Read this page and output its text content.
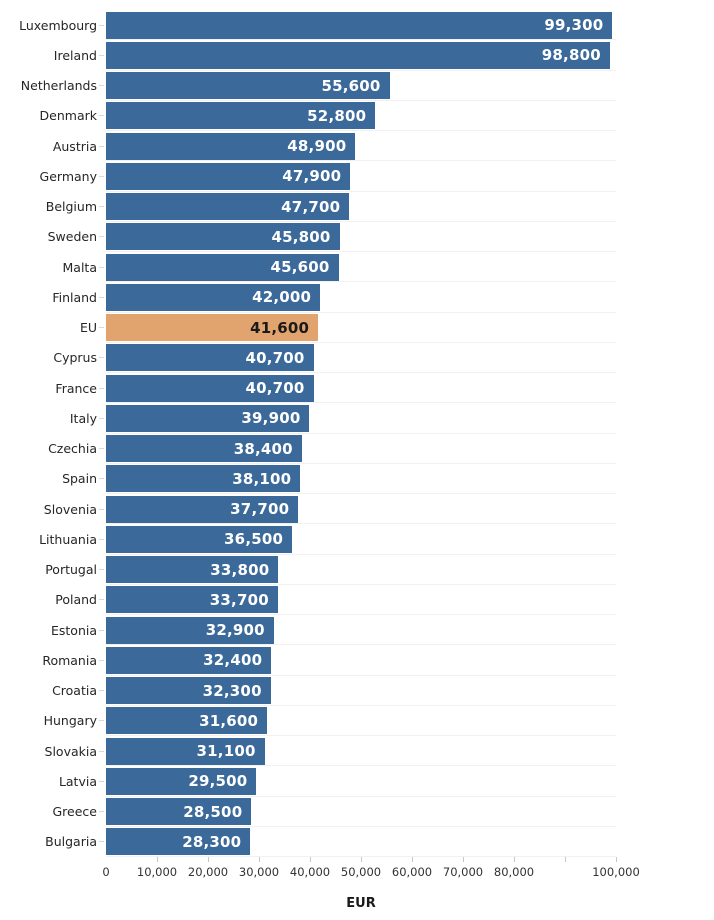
Luxembourg	99,300
Ireland	98,800
Netherlands	55,600
Denmark	52,800
Austria	48,900
Germany	47,900
Belgium	47,700
Sweden	45,800
Malta	45,600
Finland	42,000
EU	41,600
Cyprus	40,700
France	40,700
Italy	39,900
Czechia	38,400
Spain	38,100
Slovenia	37,700
Lithuania	36,500
Portugal	33,800
Poland	33,700
Estonia	32,900
Romania	32,400
Croatia	32,300
Hungary	31,600
Slovakia	31,100
Latvia	29,500
Greece	28,500
Bulgaria	28,300
0	10,000 20,000 30,000 40,000 50,000 60,000 70,000 80,000	100,000
EUR
